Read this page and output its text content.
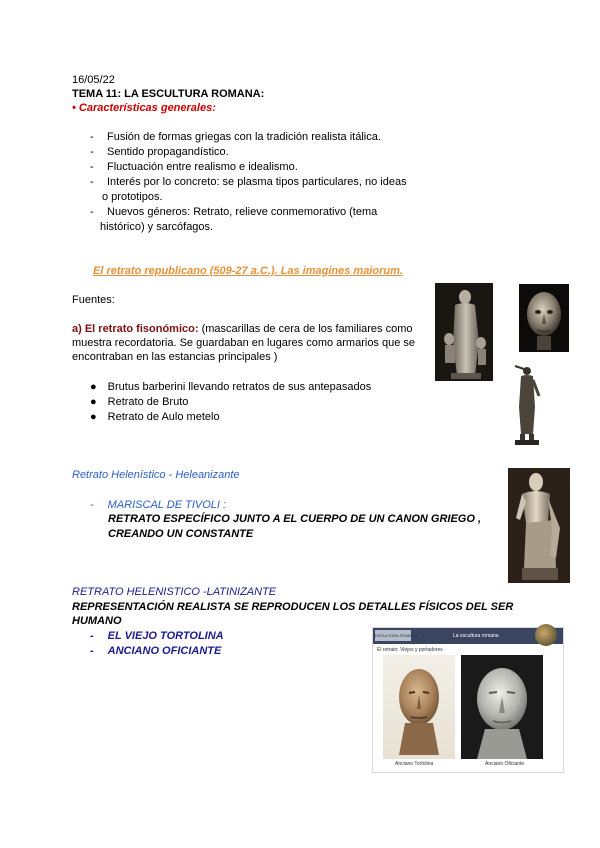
16/05/22
TEMA 11: LA ESCULTURA ROMANA:
• Características generales:
- Fusión de formas griegas con la tradición realista itálica.
- Sentido propagandístico.
- Fluctuación entre realismo e idealismo.
- Interés por lo concreto: se plasma tipos particulares, no ideas
o prototipos.
- Nuevos géneros: Retrato, relieve conmemorativo (tema
histórico) y sarcófagos.
El retrato republicano (509-27 a.C.). Las imagines maiorum.
Fuentes:
a) El retrato fisonómico: (mascarillas de cera de los familiares como
muestra recordatoria. Se guardaban en lugares como armarios que se
encontraban en las estancias principales )
● Brutus barberini llevando retratos de sus antepasados
● Retrato de Bruto
● Retrato de Aulo metelo
Retrato Helenístico - Heleanizante
- MARISCAL DE TIVOLI :
RETRATO ESPECÍFICO JUNTO A EL CUERPO DE UN CANON GRIEGO ,
CREANDO UN CONSTANTE
RETRATO HELENISTICO -LATINIZANTE
REPRESENTACIÓN REALISTA SE REPRODUCEN LOS DETALLES FÍSICOS DEL SER
HUMANO
- EL VIEJO TORTOLINA
- ANCIANO OFICIANTE
ESCULTURA ROMANA	La escultura romana
El retrato: Viejos y portadores
Anciano Tortolina	Anciano Oficiante
